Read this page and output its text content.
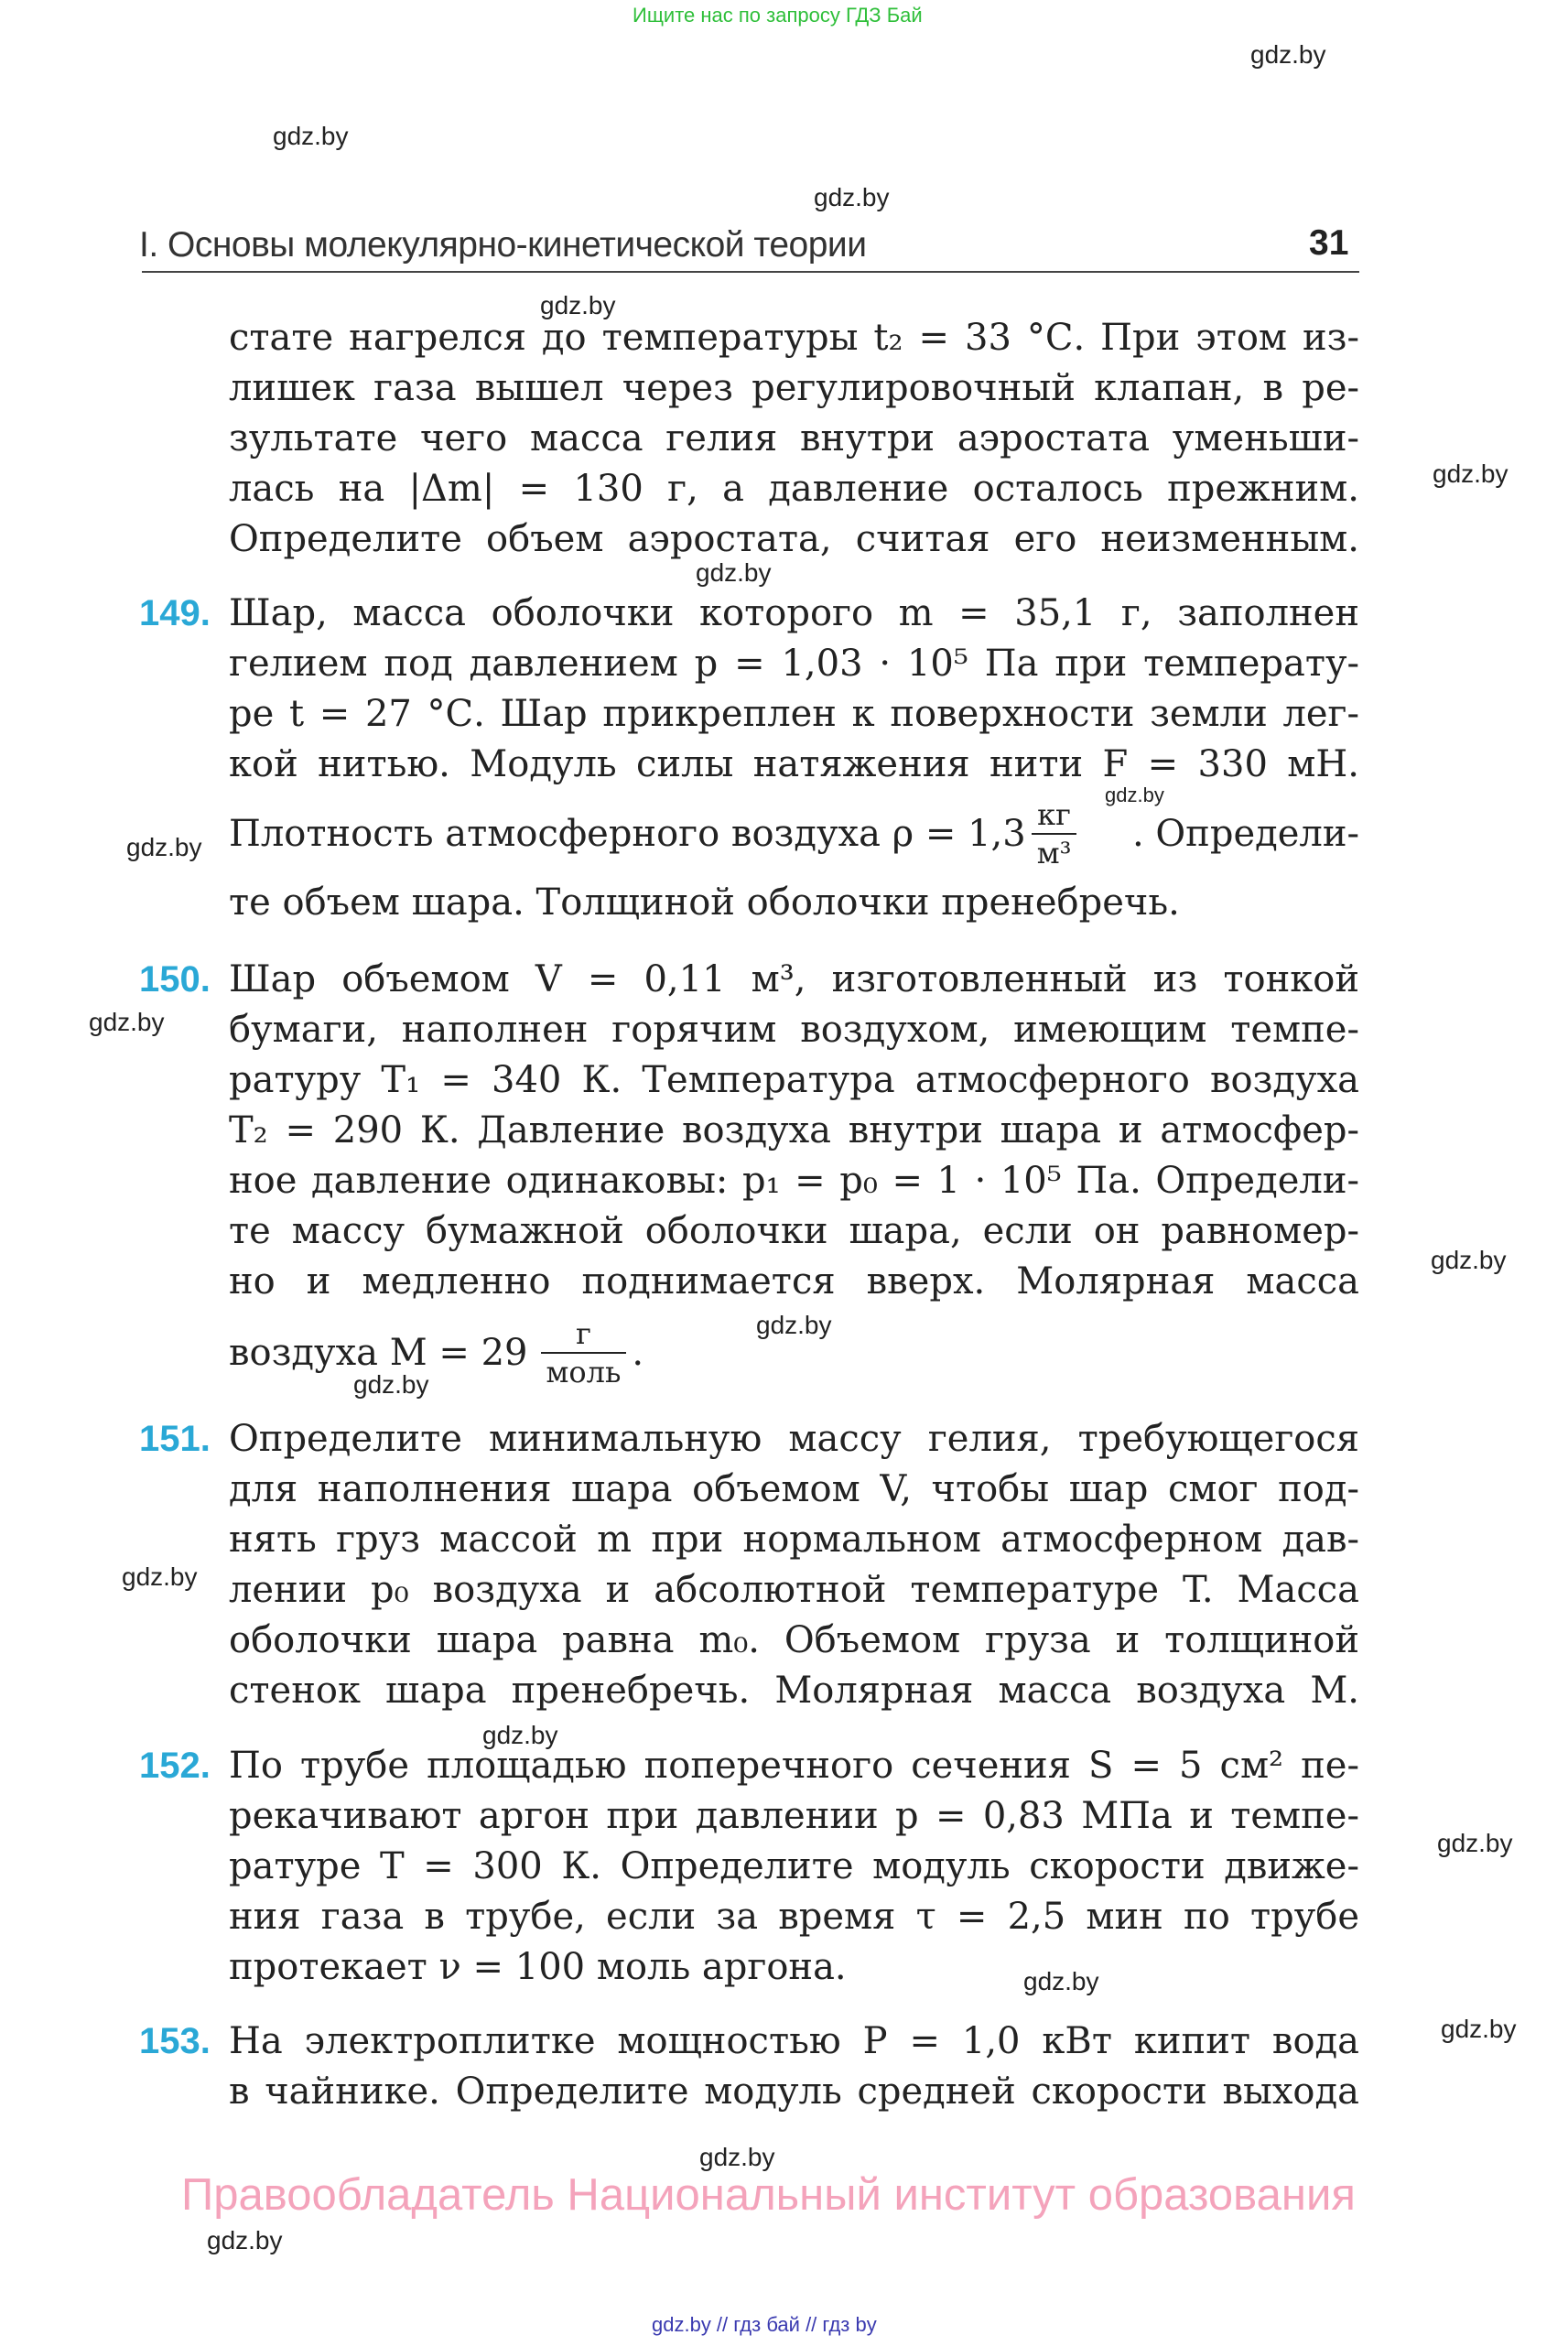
Ищите нас по запросу ГДЗ Бай
gdz.by
gdz.by
gdz.by
gdz.by
gdz.by
gdz.by
gdz.by
gdz.by
gdz.by
gdz.by
gdz.by
gdz.by
gdz.by
gdz.by
gdz.by
gdz.by
gdz.by
gdz.by
gdz.by
I. Основы молекулярно-кинетической теории	31
стате нагрелся до температуры t₂ = 33 °С. При этом из-
лишек газа вышел через регулировочный клапан, в ре-
зультате чего масса гелия внутри аэростата уменьши-
лась на |Δm| = 130 г, а давление осталось прежним.
Определите объем аэростата, считая его неизменным.
149. Шар, масса оболочки которого m = 35,1 г, заполнен
гелием под давлением p = 1,03 · 10⁵ Па при температу-
ре t = 27 °С. Шар прикреплен к поверхности земли лег-
кой нитью. Модуль силы натяжения нити F = 330 мН.
Плотность атмосферного воздуха $\rho = 1,3 \frac{кг}{\text{м³}}$ . Определи-
те объем шара. Толщиной оболочки пренебречь.
150. Шар объемом V = 0,11 м³, изготовленный из тонкой
бумаги, наполнен горячим воздухом, имеющим темпе-
ратуру T₁ = 340 К. Температура атмосферного воздуха
T₂ = 290 К. Давление воздуха внутри шара и атмосфер-
ное давление одинаковы: p₁ = p₀ = 1 · 10⁵ Па. Определи-
те массу бумажной оболочки шара, если он равномер-
но и медленно поднимается вверх. Молярная масса
воздуха $M = 29 \frac{г}{\text{моль}}$ .
151. Определите минимальную массу гелия, требующегося
для наполнения шара объемом V, чтобы шар смог под-
нять груз массой m при нормальном атмосферном дав-
лении p₀ воздуха и абсолютной температуре T. Масса
оболочки шара равна m₀. Объемом груза и толщиной
стенок шара пренебречь. Молярная масса воздуха M.
152. По трубе площадью поперечного сечения S = 5 см² пе-
рекачивают аргон при давлении p = 0,83 МПа и темпе-
ратуре T = 300 К. Определите модуль скорости движе-
ния газа в трубе, если за время τ = 2,5 мин по трубе
протекает ν = 100 моль аргона.
153. На электроплитке мощностью P = 1,0 кВт кипит вода
в чайнике. Определите модуль средней скорости выхода
Правообладатель Национальный институт образования
gdz.by // гдз бай // гдз by
